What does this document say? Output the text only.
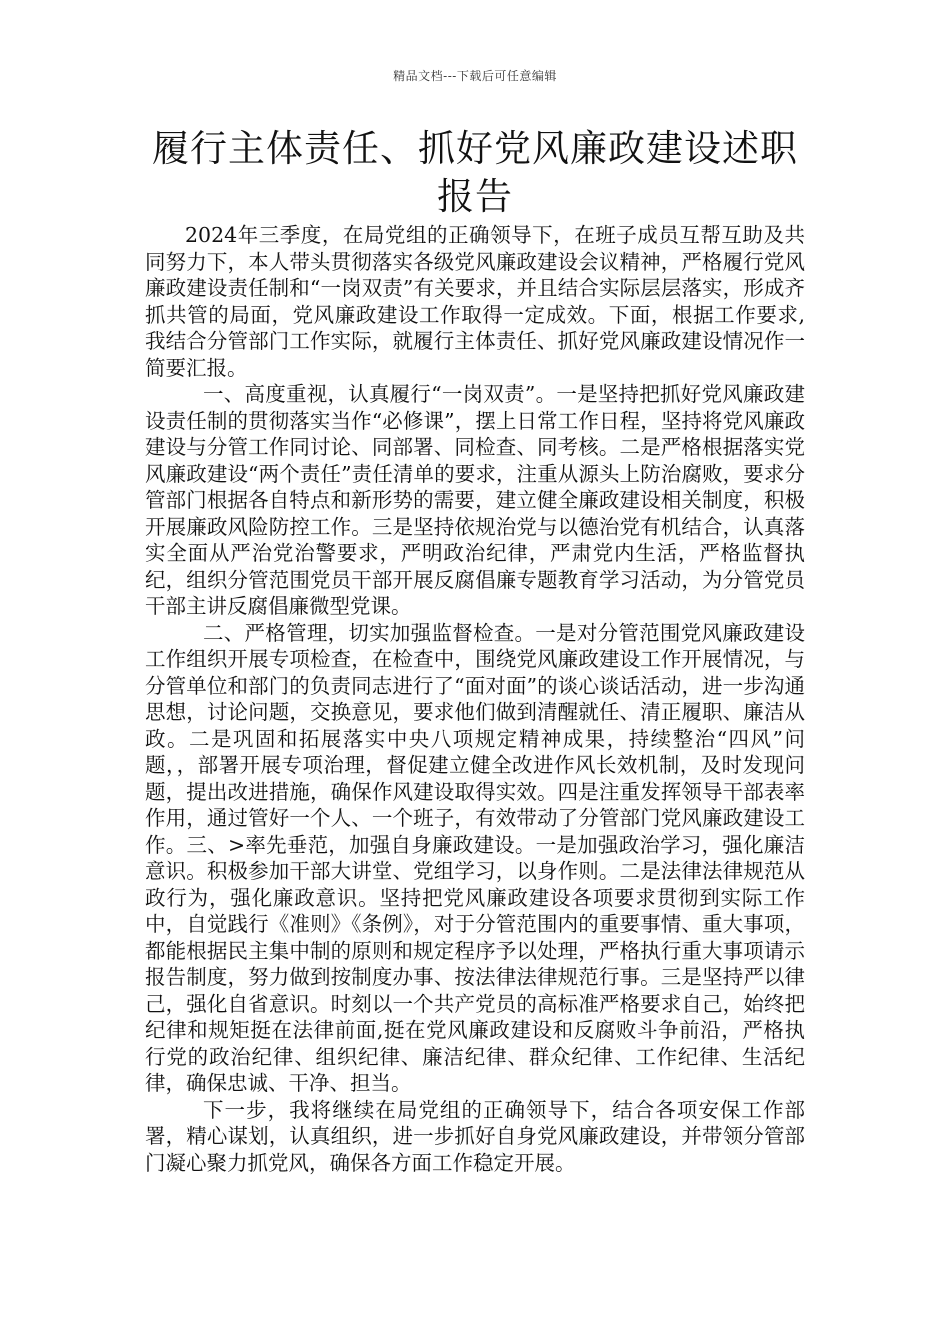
精品文档---下载后可任意编辑
履行主体责任、抓好党风廉政建设述职报告

2024年三季度，在局党组的正确领导下，在班子成员互帮互助及共同努力下，本人带头贯彻落实各级党风廉政建设会议精神，严格履行党风廉政建设责任制和“一岗双责”有关要求，并且结合实际层层落实，形成齐抓共管的局面，党风廉政建设工作取得一定成效。下面，根据工作要求,我结合分管部门工作实际，就履行主体责任、抓好党风廉政建设情况作一简要汇报。

一、高度重视，认真履行“一岗双责”。一是坚持把抓好党风廉政建设责任制的贯彻落实当作“必修课”，摆上日常工作日程，坚持将党风廉政建设与分管工作同讨论、同部署、同检查、同考核。二是严格根据落实党风廉政建设“两个责任”责任清单的要求，注重从源头上防治腐败，要求分管部门根据各自特点和新形势的需要，建立健全廉政建设相关制度，积极开展廉政风险防控工作。三是坚持依规治党与以德治党有机结合，认真落实全面从严治党治警要求，严明政治纪律，严肃党内生活，严格监督执纪，组织分管范围党员干部开展反腐倡廉专题教育学习活动，为分管党员干部主讲反腐倡廉微型党课。

二、严格管理，切实加强监督检查。一是对分管范围党风廉政建设工作组织开展专项检查，在检查中，围绕党风廉政建设工作开展情况，与分管单位和部门的负责同志进行了“面对面”的谈心谈话活动，进一步沟通思想，讨论问题，交换意见，要求他们做到清醒就任、清正履职、廉洁从政。二是巩固和拓展落实中央八项规定精神成果，持续整治“四风”问题，，部署开展专项治理，督促建立健全改进作风长效机制，及时发现问题，提出改进措施，确保作风建设取得实效。四是注重发挥领导干部表率作用，通过管好一个人、一个班子，有效带动了分管部门党风廉政建设工作。三、>率先垂范，加强自身廉政建设。一是加强政治学习，强化廉洁意识。积极参加干部大讲堂、党组学习，以身作则。二是法律法律规范从政行为，强化廉政意识。坚持把党风廉政建设各项要求贯彻到实际工作中，自觉践行《准则》《条例》，对于分管范围内的重要事情、重大事项，都能根据民主集中制的原则和规定程序予以处理，严格执行重大事项请示报告制度，努力做到按制度办事、按法律法律规范行事。三是坚持严以律己，强化自省意识。时刻以一个共产党员的高标准严格要求自己，始终把纪律和规矩挺在法律前面,挺在党风廉政建设和反腐败斗争前沿，严格执行党的政治纪律、组织纪律、廉洁纪律、群众纪律、工作纪律、生活纪律，确保忠诚、干净、担当。

下一步，我将继续在局党组的正确领导下，结合各项安保工作部署，精心谋划，认真组织，进一步抓好自身党风廉政建设，并带领分管部门凝心聚力抓党风，确保各方面工作稳定开展。
